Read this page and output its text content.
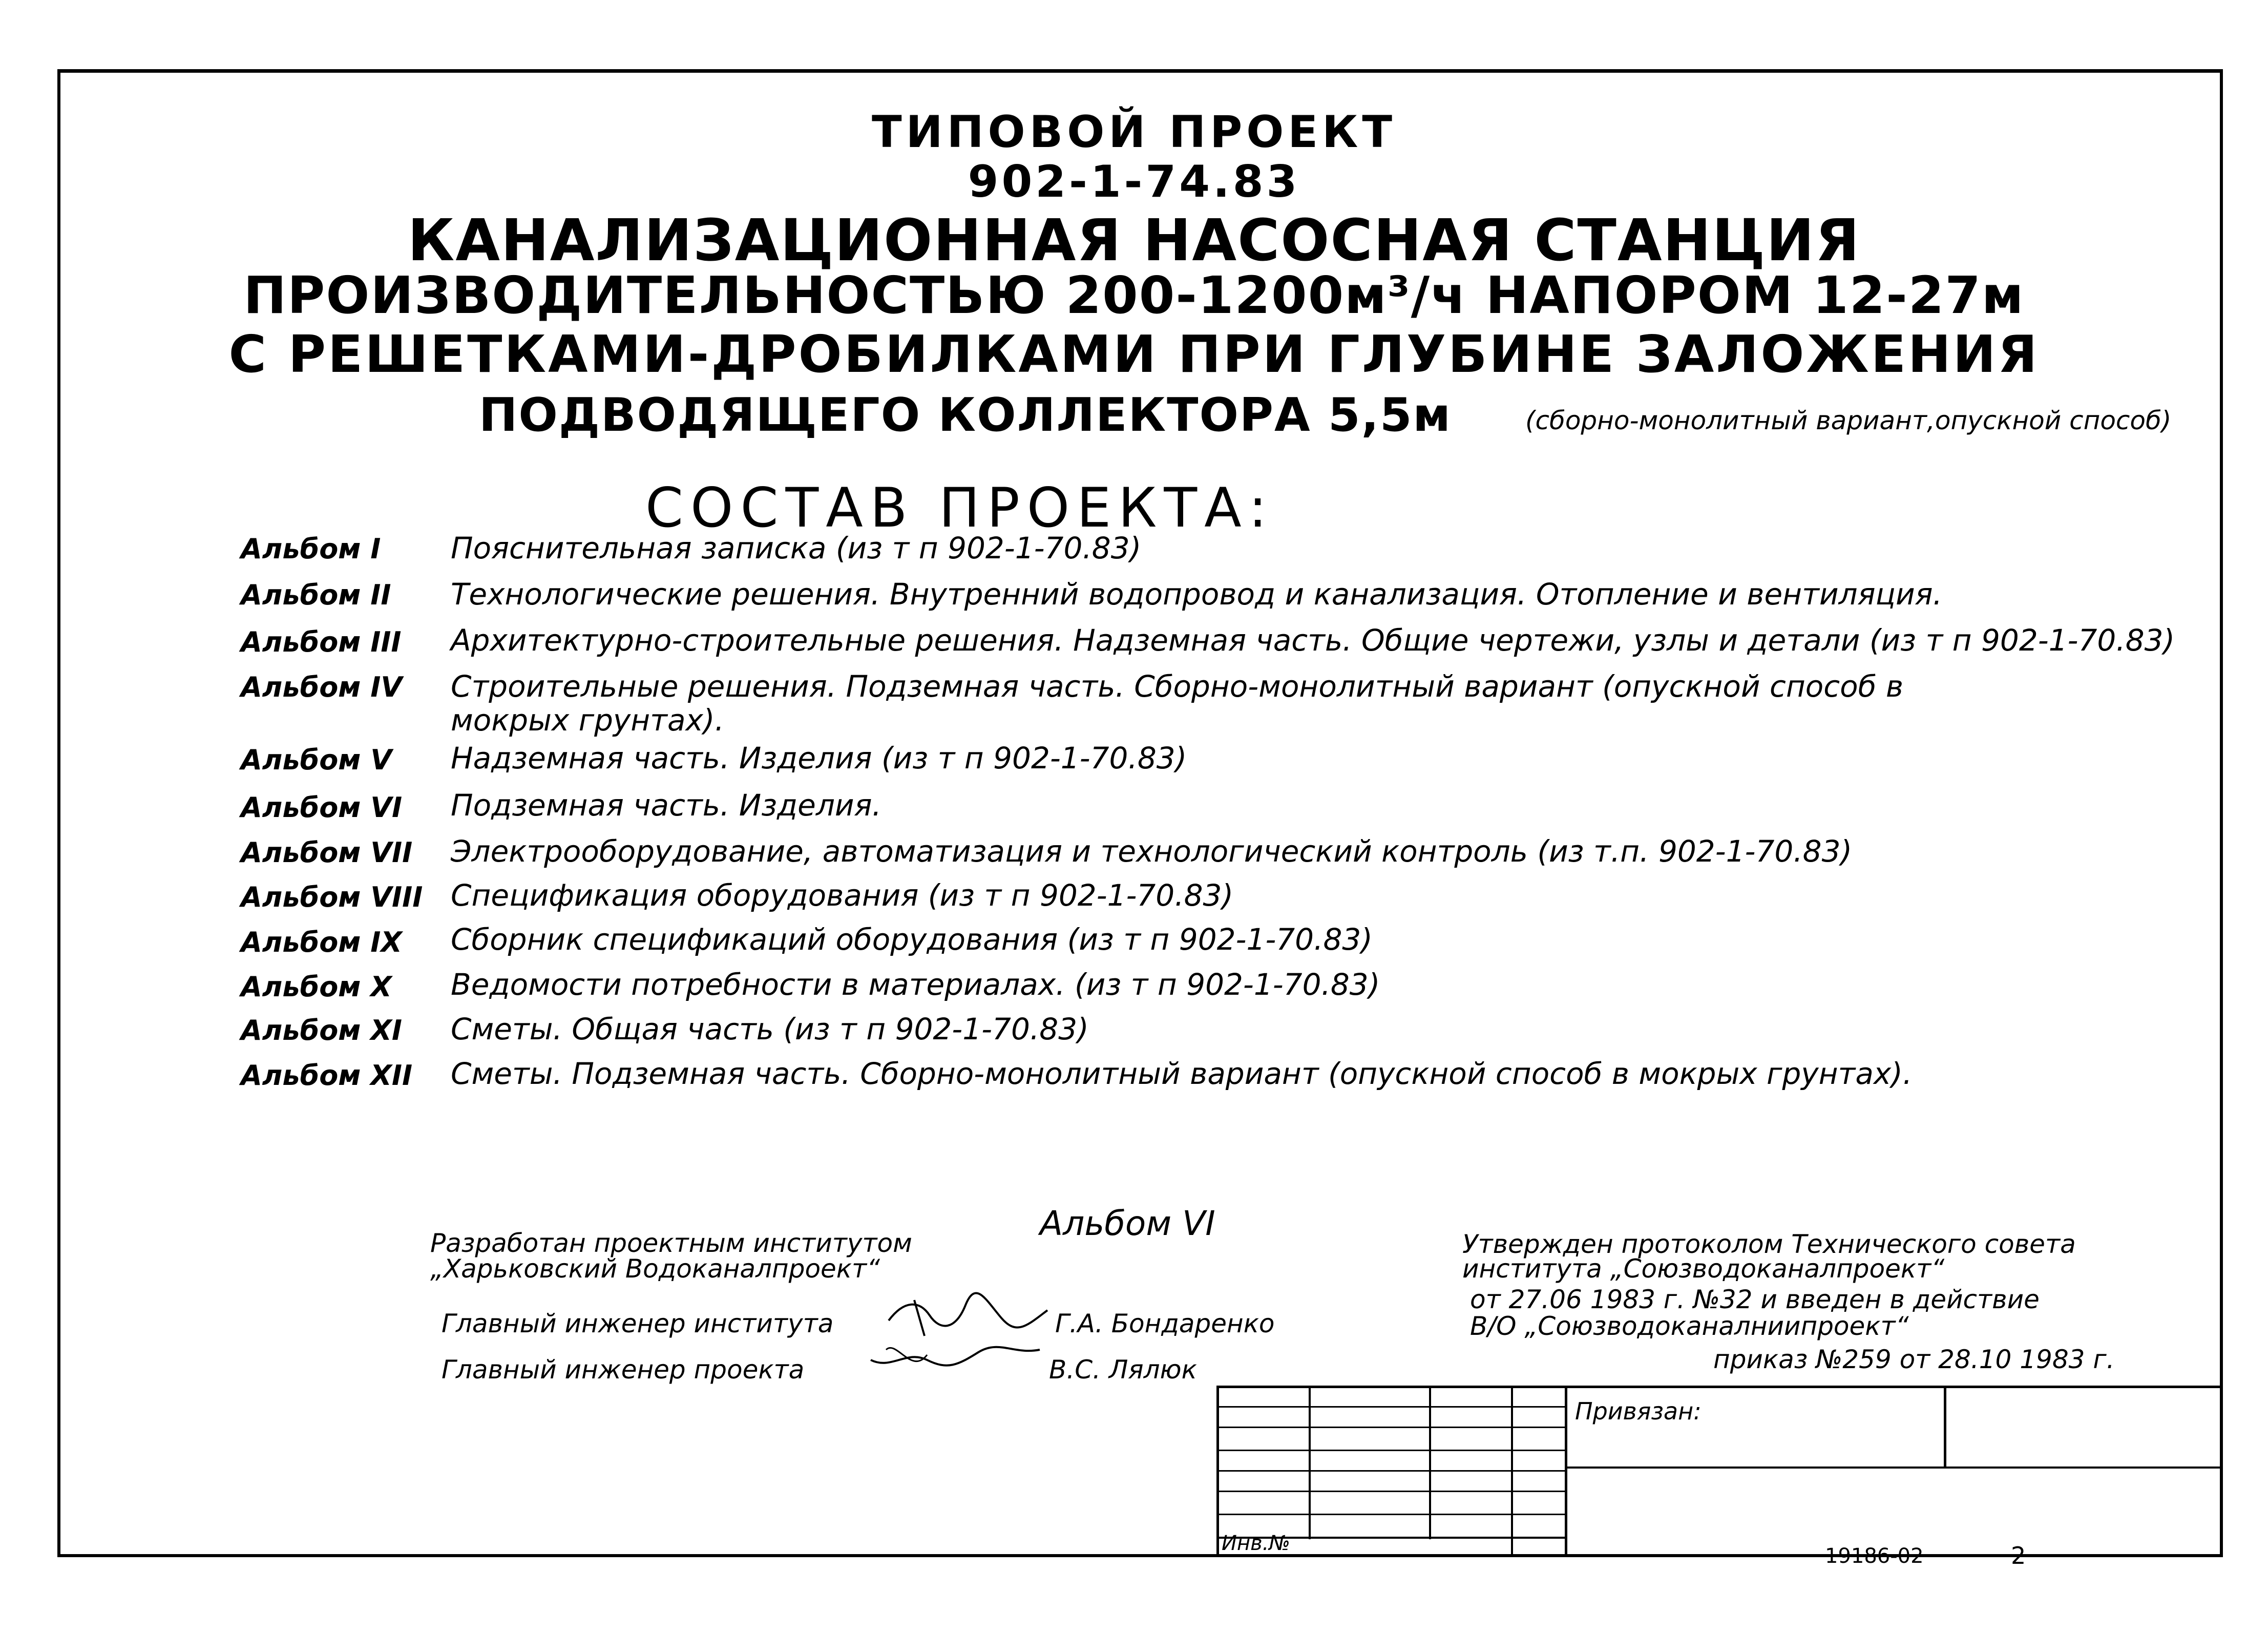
ТИПОВОЙ ПРОЕКТ
902-1-74.83
КАНАЛИЗАЦИОННАЯ НАСОСНАЯ СТАНЦИЯ
ПРОИЗВОДИТЕЛЬНОСТЬЮ 200-1200м³/ч НАПОРОМ 12-27м
С РЕШЕТКАМИ-ДРОБИЛКАМИ ПРИ ГЛУБИНЕ ЗАЛОЖЕНИЯ
ПОДВОДЯЩЕГО КОЛЛЕКТОРА 5,5м	(сборно-монолитный вариант,опускной способ)
СОСТАВ ПРОЕКТА:
Альбом I Пояснительная записка (из т п 902-1-70.83)
Альбом II Технологические решения. Внутренний водопровод и канализация. Отопление и вентиляция.
Альбом III Архитектурно-строительные решения. Надземная часть. Общие чертежи, узлы и детали (из т п 902-1-70.83)
Альбом IV Строительные решения. Подземная часть. Сборно-монолитный вариант (опускной способ в
мокрых грунтах).
Альбом V Надземная часть. Изделия (из т п 902-1-70.83)
Альбом VI Подземная часть. Изделия.
Альбом VII Электрооборудование, автоматизация и технологический контроль (из т.п. 902-1-70.83)
Альбом VIII Спецификация оборудования (из т п 902-1-70.83)
Альбом IX Сборник спецификаций оборудования (из т п 902-1-70.83)
Альбом X Ведомости потребности в материалах. (из т п 902-1-70.83)
Альбом XI Сметы. Общая часть (из т п 902-1-70.83)
Альбом XII Сметы. Подземная часть. Сборно-монолитный вариант (опускной способ в мокрых грунтах).
Альбом VI
Разработан проектным институтом
„Харьковский Водоканалпроект“
Главный инженер института	Г.А. Бондаренко
Главный инженер проекта	В.С. Лялюк
Утвержден протоколом Технического совета
института „Союзводоканалпроект“
от 27.06 1983 г. №32 и введен в действие
В/О „Союзводоканалниипроект“
приказ №259 от 28.10 1983 г.
Привязан:
Инв.№
19186-02	2
